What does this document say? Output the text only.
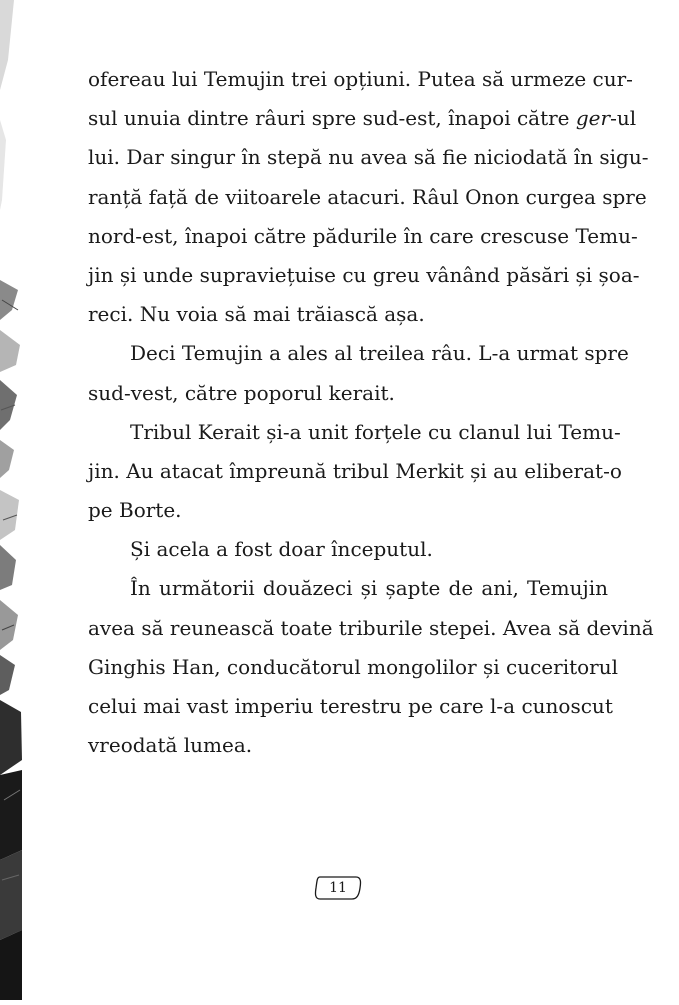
ofereau lui Temujin trei opțiuni. Putea să urmeze cur-
sul unuia dintre râuri spre sud-est, înapoi către ger-ul
lui. Dar singur în stepă nu avea să fie niciodată în sigu-
ranță față de viitoarele atacuri. Râul Onon curgea spre
nord-est, înapoi către pădurile în care crescuse Temu-
jin și unde supraviețuise cu greu vânând păsări și șoa-
reci. Nu voia să mai trăiască așa.
Deci Temujin a ales al treilea râu. L-a urmat spre
sud-vest, către poporul kerait.
Tribul Kerait și-a unit forțele cu clanul lui Temu-
jin. Au atacat împreună tribul Merkit și au eliberat-o
pe Borte.
Și acela a fost doar începutul.
În următorii douăzeci și șapte de ani, Temujin
avea să reunească toate triburile stepei. Avea să devină
Ginghis Han, conducătorul mongolilor și cuceritorul
celui mai vast imperiu terestru pe care l-a cunoscut
vreodată lumea.
11
